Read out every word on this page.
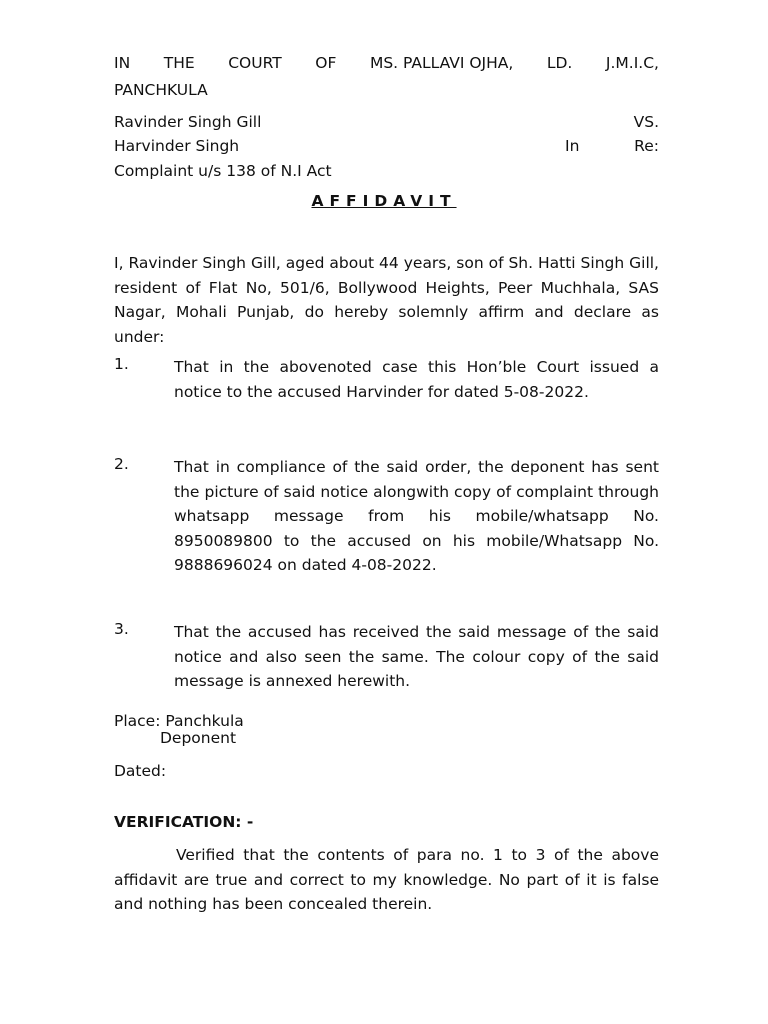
IN THE COURT OF MS. PALLAVI OJHA, LD. J.M.I.C,
PANCHKULA
Ravinder Singh Gill	VS.
Harvinder Singh	In	Re:
Complaint u/s 138 of N.I Act
AFFIDAVIT
I, Ravinder Singh Gill, aged about 44 years, son of Sh. Hatti Singh Gill, resident of Flat No, 501/6, Bollywood Heights, Peer Muchhala, SAS Nagar, Mohali Punjab, do hereby solemnly affirm and declare as under:
1.	That in the abovenoted case this Hon’ble Court issued a notice to the accused Harvinder for dated 5-08-2022.
2.	That in compliance of the said order, the deponent has sent the picture of said notice alongwith copy of complaint through whatsapp message from his mobile/whatsapp No. 8950089800 to the accused on his mobile/Whatsapp No. 9888696024 on dated 4-08-2022.
3.	That the accused has received the said message of the said notice and also seen the same. The colour copy of the said message is annexed herewith.
Place: Panchkula
Deponent
Dated:
VERIFICATION: -
Verified that the contents of para no. 1 to 3 of the above affidavit are true and correct to my knowledge. No part of it is false and nothing has been concealed therein.
